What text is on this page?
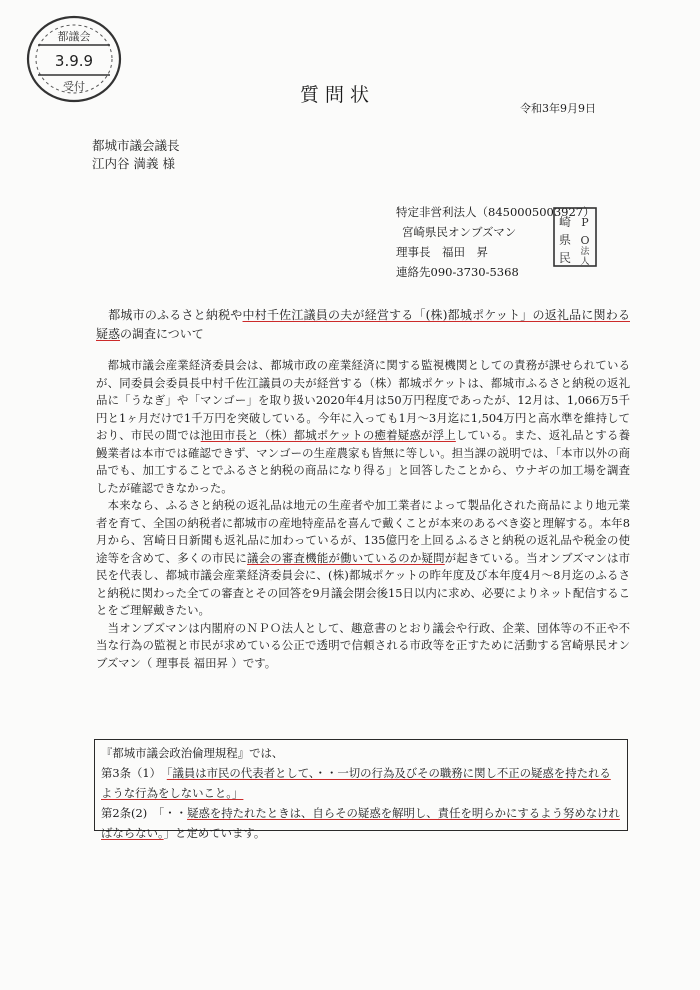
都議会
3.9.9
受付	質問状
令和3年9月9日
都城市議会議長
江内谷 満義 様
特定非営利法人（8450005003927）
宮崎県民オンブズマン
理事長　福田　昇
連絡先090-3730-5368
崎 P
県 O
民 法
人

　都城市のふるさと納税や中村千佐江議員の夫が経営する「(株)都城ポケット」の返礼品に関わる疑惑の調査について

　都城市議会産業経済委員会は、都城市政の産業経済に関する監視機関としての責務が課せられているが、同委員会委員長中村千佐江議員の夫が経営する（株）都城ポケットは、都城市ふるさと納税の返礼品に「うなぎ」や「マンゴー」を取り扱い2020年4月は50万円程度であったが、12月は、1,066万5千円と1ヶ月だけで1千万円を突破している。今年に入っても1月～3月迄に1,504万円と高水準を維持しており、市民の間では池田市長と（株）都城ポケットの癒着疑惑が浮上している。また、返礼品とする養鰻業者は本市では確認できず、マンゴーの生産農家も皆無に等しい。担当課の説明では、「本市以外の商品でも、加工することでふるさと納税の商品になり得る」と回答したことから、ウナギの加工場を調査したが確認できなかった。

　本来なら、ふるさと納税の返礼品は地元の生産者や加工業者によって製品化された商品により地元業者を育て、全国の納税者に都城市の産地特産品を喜んで戴くことが本来のあるべき姿と理解する。本年8月から、宮崎日日新聞も返礼品に加わっているが、135億円を上回るふるさと納税の返礼品や税金の使途等を含めて、多くの市民に議会の審査機能が働いているのか疑問が起きている。当オンブズマンは市民を代表し、都城市議会産業経済委員会に、(株)都城ポケットの昨年度及び本年度4月～8月迄のふるさと納税に関わった全ての審査とその回答を9月議会閉会後15日以内に求め、必要によりネット配信することをご理解戴きたい。

　当オンブズマンは内閣府のＮＰＯ法人として、趣意書のとおり議会や行政、企業、団体等の不正や不当な行為の監視と市民が求めている公正で透明で信頼される市政等を正すために活動する宮崎県民オンブズマン（ 理事長 福田昇 ）です。

『都城市議会政治倫理規程』では、

第3条（1）　 「議員は市民の代表者として、・・一切の行為及びその職務に関し不正の疑惑を持たれるような行為をしないこと。」

第2条(2)　 「・・疑惑を持たれたときは、自らその疑惑を解明し、責任を明らかにするよう努めなければならない。」と定めています。
